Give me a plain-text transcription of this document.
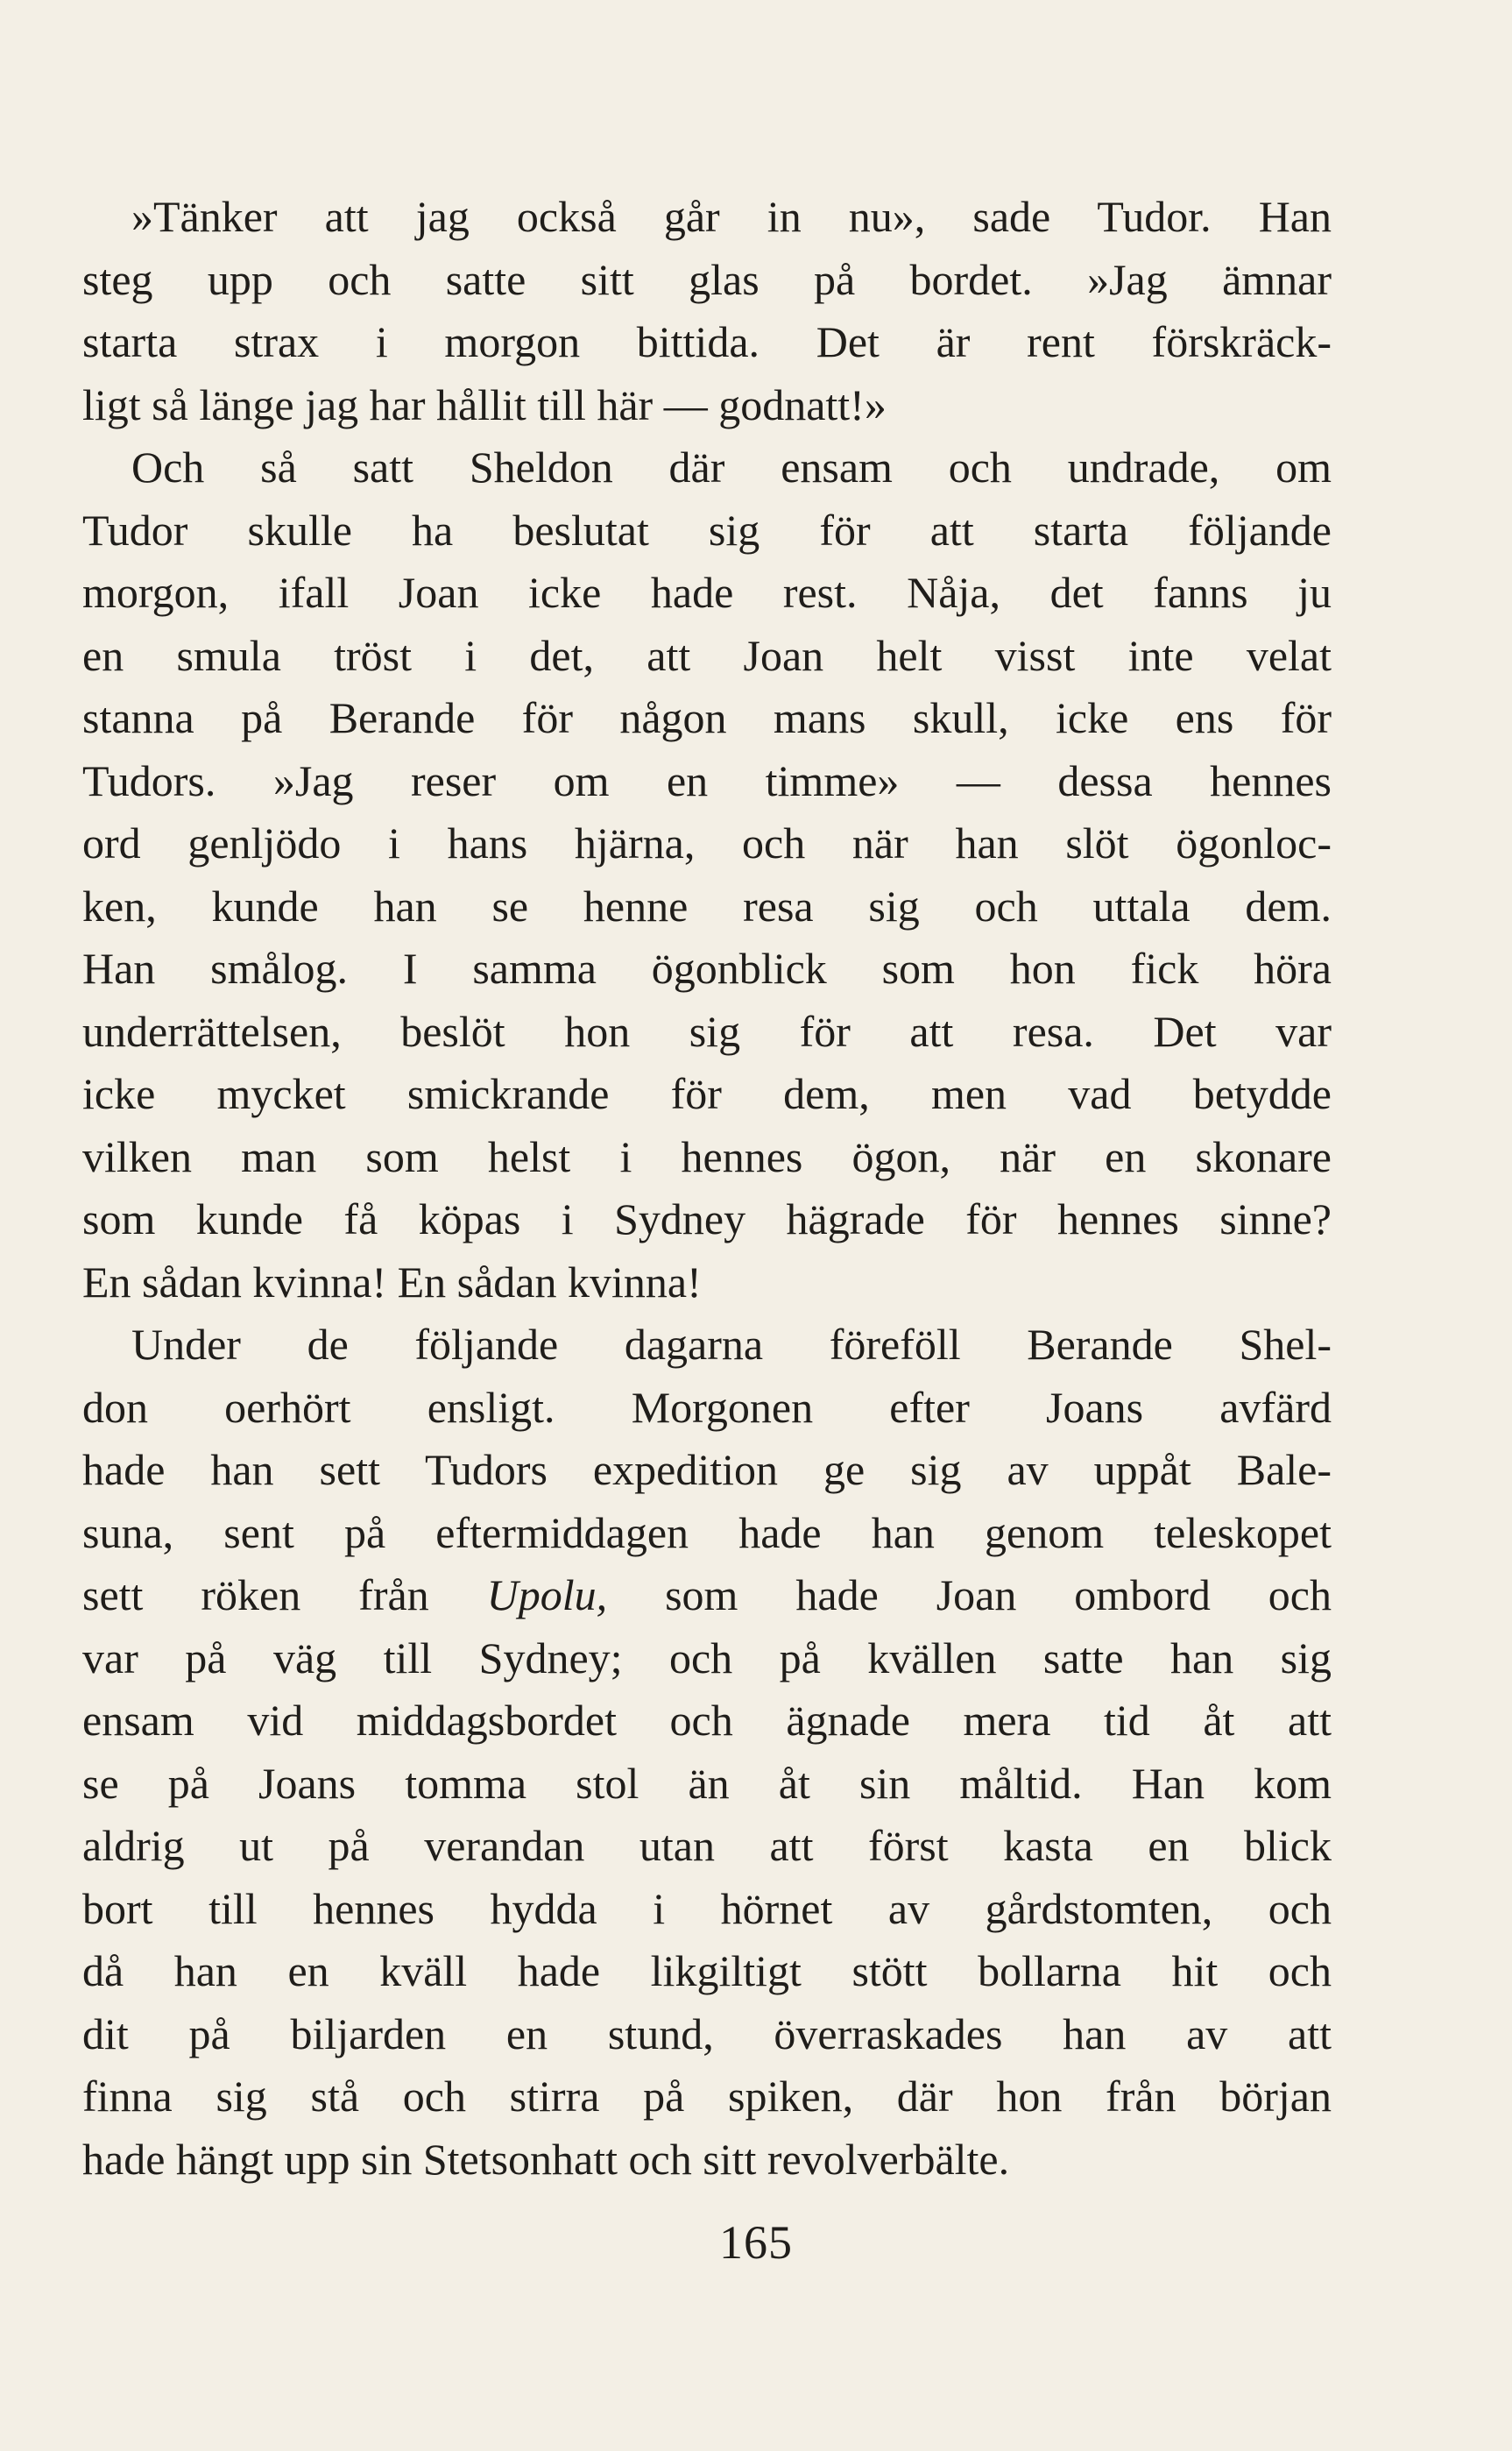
»Tänker att jag också går in nu», sade Tudor. Han
steg upp och satte sitt glas på bordet. »Jag ämnar
starta strax i morgon bittida. Det är rent förskräck-
ligt så länge jag har hållit till här — godnatt!»
Och så satt Sheldon där ensam och undrade, om
Tudor skulle ha beslutat sig för att starta följande
morgon, ifall Joan icke hade rest. Nåja, det fanns ju
en smula tröst i det, att Joan helt visst inte velat
stanna på Berande för någon mans skull, icke ens för
Tudors. »Jag reser om en timme» — dessa hennes
ord genljödo i hans hjärna, och när han slöt ögonloc-
ken, kunde han se henne resa sig och uttala dem.
Han smålog. I samma ögonblick som hon fick höra
underrättelsen, beslöt hon sig för att resa. Det var
icke mycket smickrande för dem, men vad betydde
vilken man som helst i hennes ögon, när en skonare
som kunde få köpas i Sydney hägrade för hennes sinne?
En sådan kvinna! En sådan kvinna!
Under de följande dagarna föreföll Berande Shel-
don oerhört ensligt. Morgonen efter Joans avfärd
hade han sett Tudors expedition ge sig av uppåt Bale-
suna, sent på eftermiddagen hade han genom teleskopet
sett röken från Upolu, som hade Joan ombord och
var på väg till Sydney; och på kvällen satte han sig
ensam vid middagsbordet och ägnade mera tid åt att
se på Joans tomma stol än åt sin måltid. Han kom
aldrig ut på verandan utan att först kasta en blick
bort till hennes hydda i hörnet av gårdstomten, och
då han en kväll hade likgiltigt stött bollarna hit och
dit på biljarden en stund, överraskades han av att
finna sig stå och stirra på spiken, där hon från början
hade hängt upp sin Stetsonhatt och sitt revolverbälte.
165
